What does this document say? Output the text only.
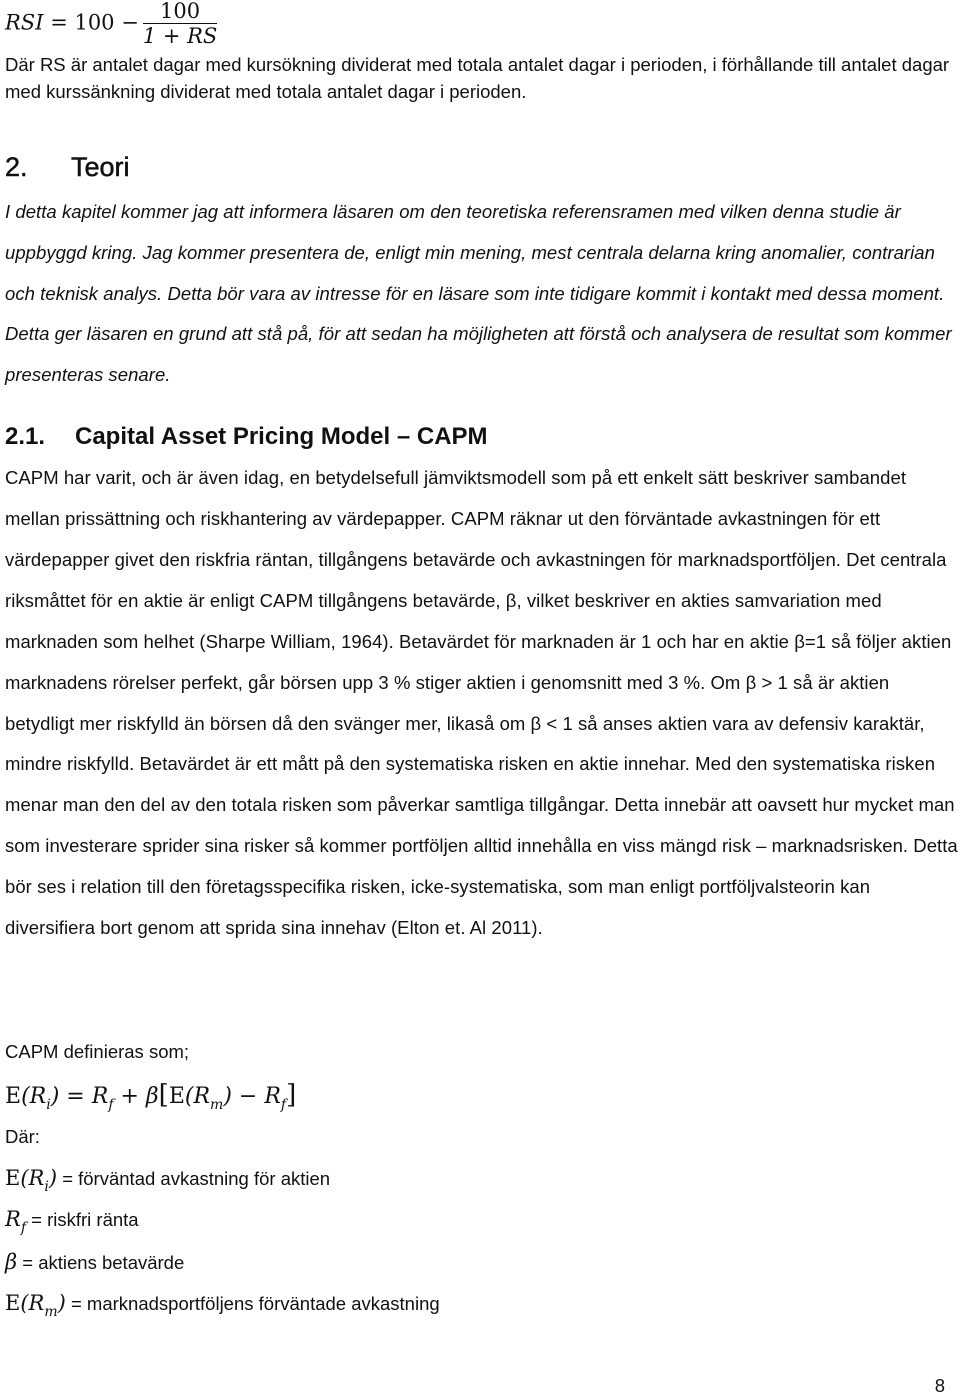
RSI = $100 - \frac{100}{1 + RS}$

Där RS är antalet dagar med kursökning dividerat med totala antalet dagar i perioden, i förhållande till antalet dagar med kurssänkning dividerat med totala antalet dagar i perioden.

2. Teori

I detta kapitel kommer jag att informera läsaren om den teoretiska referensramen med vilken denna studie är uppbyggd kring. Jag kommer presentera de, enligt min mening, mest centrala delarna kring anomalier, contrarian och teknisk analys. Detta bör vara av intresse för en läsare som inte tidigare kommit i kontakt med dessa moment. Detta ger läsaren en grund att stå på, för att sedan ha möjligheten att förstå och analysera de resultat som kommer presenteras senare.

2.1. Capital Asset Pricing Model – CAPM

CAPM har varit, och är även idag, en betydelsefull jämviktsmodell som på ett enkelt sätt beskriver sambandet mellan prissättning och riskhantering av värdepapper. CAPM räknar ut den förväntade avkastningen för ett värdepapper givet den riskfria räntan, tillgångens betavärde och avkastningen för marknadsportföljen. Det centrala riksmåttet för en aktie är enligt CAPM tillgångens betavärde, β, vilket beskriver en akties samvariation med marknaden som helhet (Sharpe William, 1964). Betavärdet för marknaden är 1 och har en aktie β=1 så följer aktien marknadens rörelser perfekt, går börsen upp 3 % stiger aktien i genomsnitt med 3 %. Om β > 1 så är aktien betydligt mer riskfylld än börsen då den svänger mer, likaså om β < 1 så anses aktien vara av defensiv karaktär, mindre riskfylld. Betavärdet är ett mått på den systematiska risken en aktie innehar. Med den systematiska risken menar man den del av den totala risken som påverkar samtliga tillgångar. Detta innebär att oavsett hur mycket man som investerare sprider sina risker så kommer portföljen alltid innehålla en viss mängd risk – marknadsrisken. Detta bör ses i relation till den företagsspecifika risken, icke-systematiska, som man enligt portföljvalsteorin kan diversifiera bort genom att sprida sina innehav (Elton et. Al 2011).

CAPM definieras som;
$E(R_i) = R_f + \beta[E(R_m) - R_f]$
Där:
$E(R_i)$ = förväntad avkastning för aktien
$R_f$ = riskfri ränta
β = aktiens betavärde
$E(R_m)$ = marknadsportföljens förväntade avkastning
8
